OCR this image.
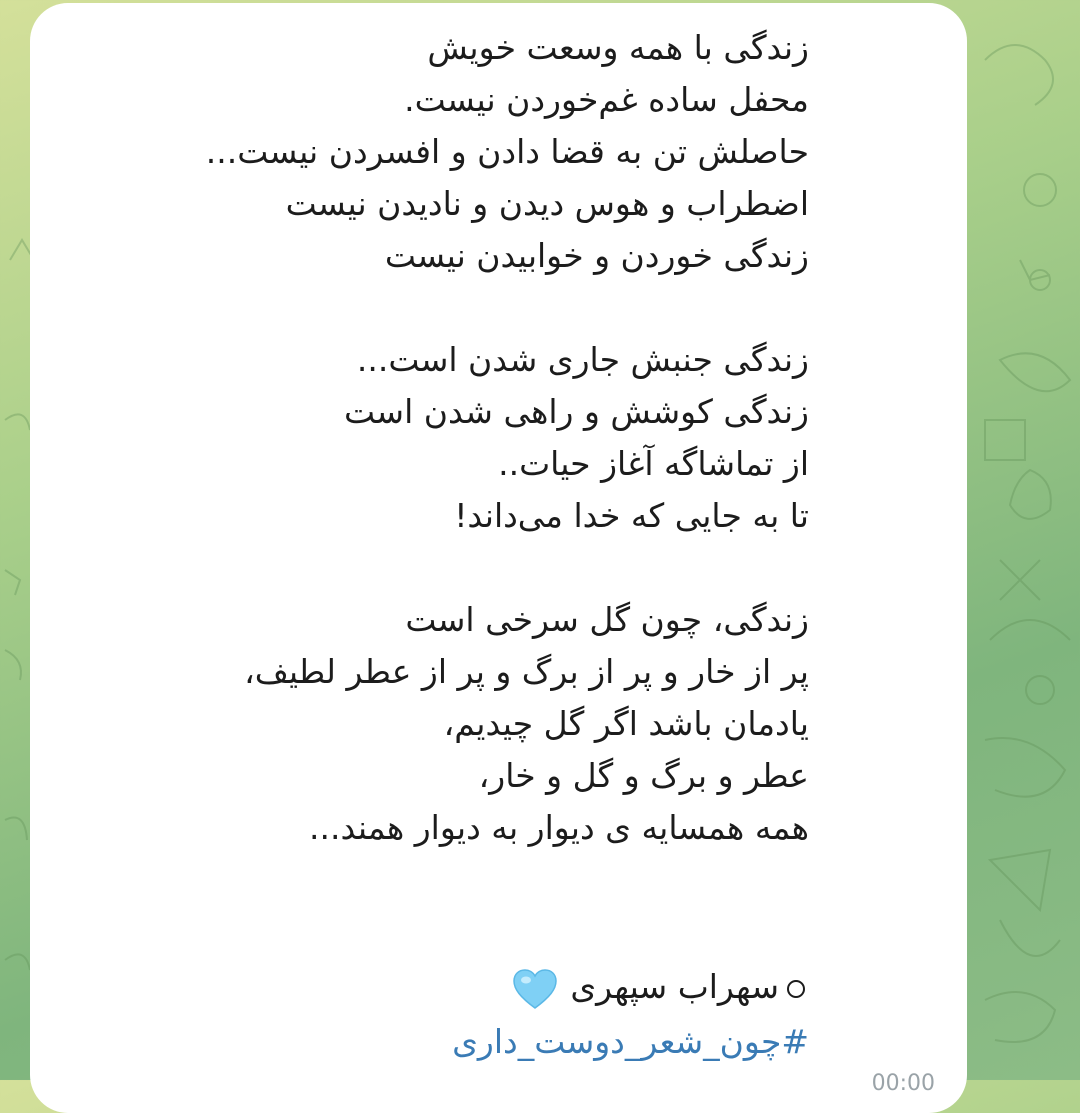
زندگی با همه وسعت خویش
محفل ساده غم‌خوردن نیست.
حاصلش تن به قضا دادن و افسردن نیست...
اضطراب و هوس دیدن و نادیدن نیست
زندگی خوردن و خوابیدن نیست
زندگی جنبش جاری شدن است...
زندگی کوشش و راهی شدن است
از تماشاگه آغاز حیات..
تا به جایی که خدا می‌داند!
زندگی، چون گل سرخی است
پر از خار و پر از برگ و پر از عطر لطیف،
یادمان باشد اگر گل چیدیم،
عطر و برگ و گل و خار،
همه همسایه ی دیوار به دیوار همند...
سهراب سپهری
#چون_شعر_دوست_داری
00:00
